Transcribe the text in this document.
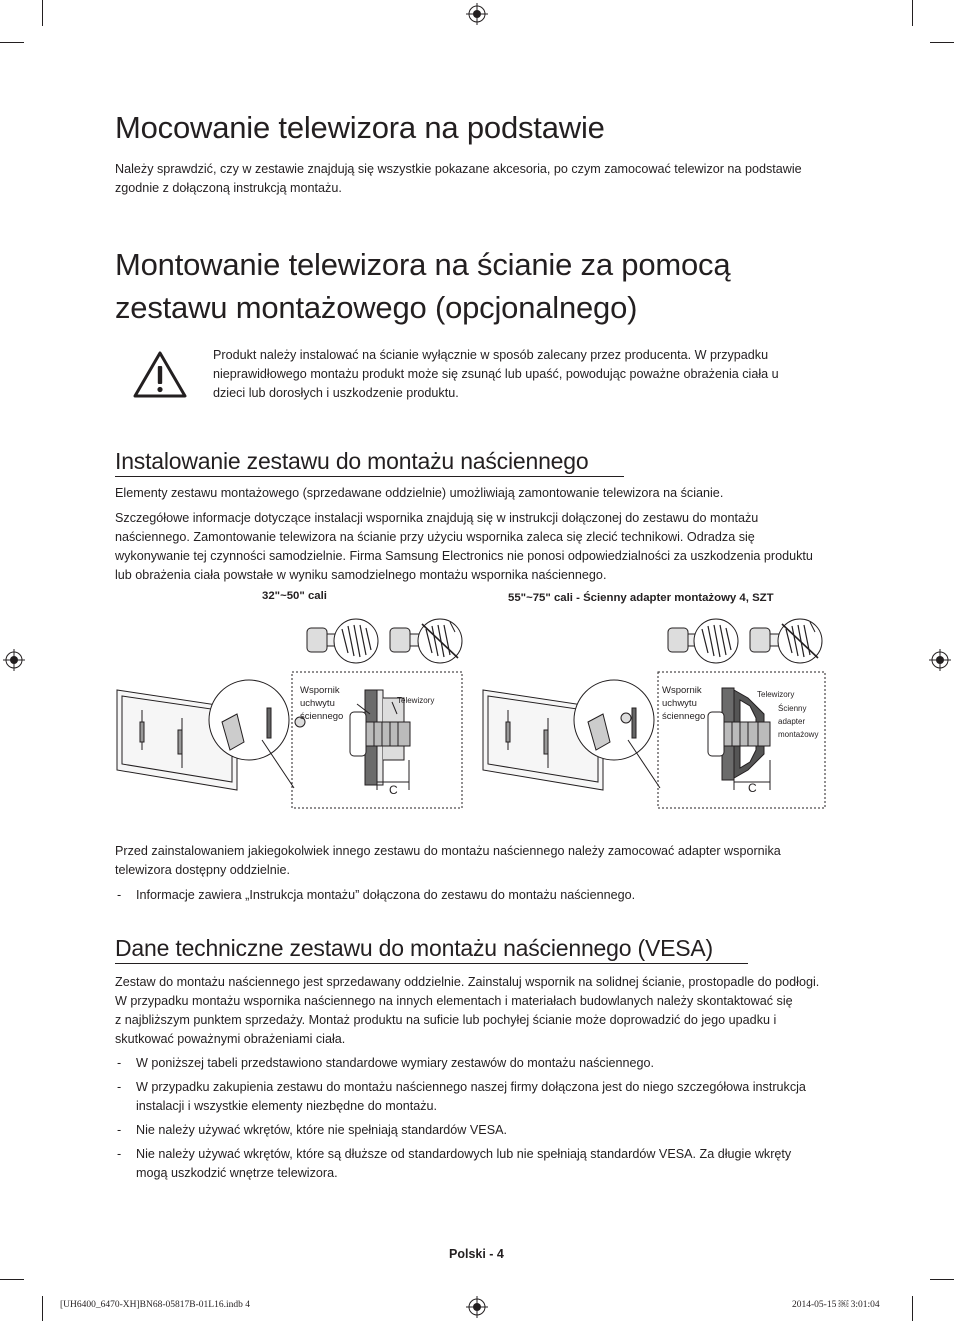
Mocowanie telewizora na podstawie

Należy sprawdzić, czy w zestawie znajdują się wszystkie pokazane akcesoria, po czym zamocować telewizor na podstawie

zgodnie z dołączoną instrukcją montażu.

Montowanie telewizora na ścianie za pomocą
zestawu montażowego (opcjonalnego)

Produkt należy instalować na ścianie wyłącznie w sposób zalecany przez producenta. W przypadku

nieprawidłowego montażu produkt może się zsunąć lub upaść, powodując poważne obrażenia ciała u

dzieci lub dorosłych i uszkodzenie produktu.

Instalowanie zestawu do montażu naściennego

Elementy zestawu montażowego (sprzedawane oddzielnie) umożliwiają zamontowanie telewizora na ścianie.

Szczegółowe informacje dotyczące instalacji wspornika znajdują się w instrukcji dołączonej do zestawu do montażu

naściennego. Zamontowanie telewizora na ścianie przy użyciu wspornika zaleca się zlecić technikowi. Odradza się

wykonywanie tej czynności samodzielnie. Firma Samsung Electronics nie ponosi odpowiedzialności za uszkodzenia produktu

lub obrażenia ciała powstałe w wyniku samodzielnego montażu wspornika naściennego.

32"~50" cali	55"~75" cali - Ścienny adapter montażowy 4, SZT
Wspornik
uchwytu
ściennego
Telewizory
C
Wspornik
uchwytu
ściennego
Telewizory
Ścienny
adapter
montażowy
C

Przed zainstalowaniem jakiegokolwiek innego zestawu do montażu naściennego należy zamocować adapter wspornika

telewizora dostępny oddzielnie.

- Informacje zawiera „Instrukcja montażu” dołączona do zestawu do montażu naściennego.
Dane techniczne zestawu do montażu naściennego (VESA)

Zestaw do montażu naściennego jest sprzedawany oddzielnie. Zainstaluj wspornik na solidnej ścianie, prostopadle do podłogi.

W przypadku montażu wspornika naściennego na innych elementach i materiałach budowlanych należy skontaktować się

z najbliższym punktem sprzedaży. Montaż produktu na suficie lub pochyłej ścianie może doprowadzić do jego upadku i

skutkować poważnymi obrażeniami ciała.

- W poniższej tabeli przedstawiono standardowe wymiary zestawów do montażu naściennego.
- W przypadku zakupienia zestawu do montażu naściennego naszej firmy dołączona jest do niego szczegółowa instrukcja
instalacji i wszystkie elementy niezbędne do montażu.
- Nie należy używać wkrętów, które nie spełniają standardów VESA.
- Nie należy używać wkrętów, które są dłuższe od standardowych lub nie spełniają standardów VESA. Za długie wkręty
mogą uszkodzić wnętrze telewizora.
Polski - 4
[UH6400_6470-XH]BN68-05817B-01L16.indb 4	2014-05-15 ￼ 3:01:04
